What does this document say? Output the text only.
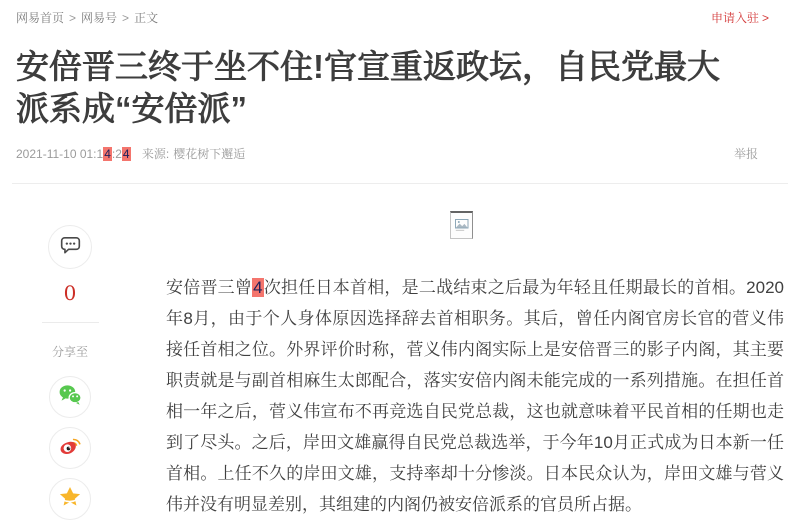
网易首页 > 网易号 > 正文	申请入驻 >
安倍晋三终于坐不住!官宣重返政坛，自民党最大派系成“安倍派”
2021-11-10 01:14:24 来源: 樱花树下邂逅	举报
0
分享至

安倍晋三曾4次担任日本首相，是二战结束之后最为年轻且任期最长的首相。2020年8月，由于个人身体原因选择辞去首相职务。其后，曾任内阁官房长官的菅义伟接任首相之位。外界评价时称，菅义伟内阁实际上是安倍晋三的影子内阁，其主要职责就是与副首相麻生太郎配合，落实安倍内阁未能完成的一系列措施。在担任首相一年之后，菅义伟宣布不再竞选自民党总裁，这也就意味着平民首相的任期也走到了尽头。之后，岸田文雄赢得自民党总裁选举，于今年10月正式成为日本新一任首相。上任不久的岸田文雄，支持率却十分惨淡。日本民众认为，岸田文雄与菅义伟并没有明显差别，其组建的内阁仍被安倍派系的官员所占据。
